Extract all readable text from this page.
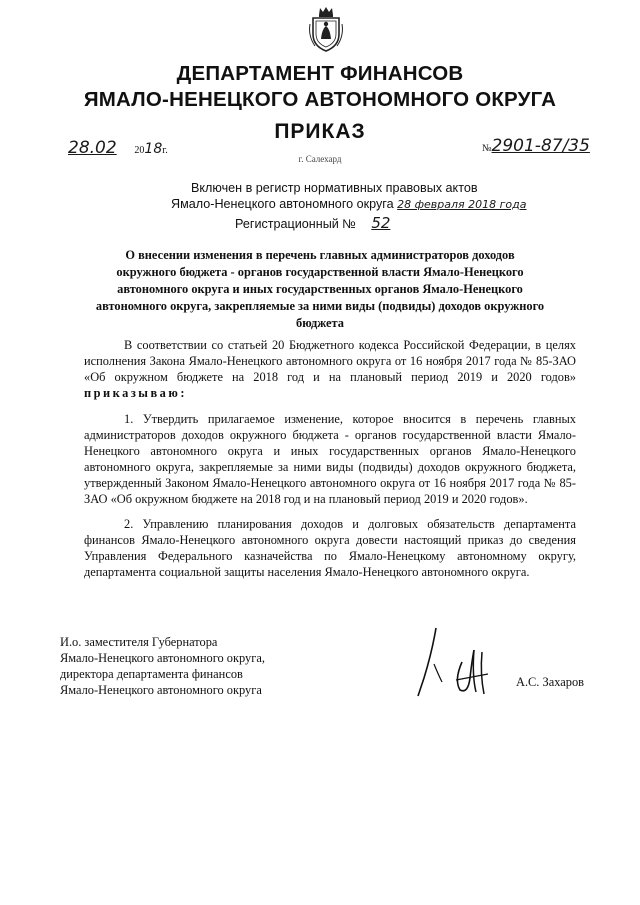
ДЕПАРТАМЕНТ ФИНАНСОВ
ЯМАЛО-НЕНЕЦКОГО АВТОНОМНОГО ОКРУГА
ПРИКАЗ
28.02 2018г.	№2901-87/35
г. Салехард
Включен в регистр нормативных правовых актов
Ямало-Ненецкого автономного округа 28 февраля 2018 года
Регистрационный № 52
О внесении изменения в перечень главных администраторов доходов окружного бюджета - органов государственной власти Ямало-Ненецкого автономного округа и иных государственных органов Ямало-Ненецкого автономного округа, закрепляемые за ними виды (подвиды) доходов окружного бюджета
В соответствии со статьей 20 Бюджетного кодекса Российской Федерации, в целях исполнения Закона Ямало-Ненецкого автономного округа от 16 ноября 2017 года № 85-ЗАО «Об окружном бюджете на 2018 год и на плановый период 2019 и 2020 годов» приказываю:
1. Утвердить прилагаемое изменение, которое вносится в перечень главных администраторов доходов окружного бюджета - органов государственной власти Ямало-Ненецкого автономного округа и иных государственных органов Ямало-Ненецкого автономного округа, закрепляемые за ними виды (подвиды) доходов окружного бюджета, утвержденный Законом Ямало-Ненецкого автономного округа от 16 ноября 2017 года № 85-ЗАО «Об окружном бюджете на 2018 год и на плановый период 2019 и 2020 годов».
2. Управлению планирования доходов и долговых обязательств департамента финансов Ямало-Ненецкого автономного округа довести настоящий приказ до сведения Управления Федерального казначейства по Ямало-Ненецкому автономному округу, департамента социальной защиты населения Ямало-Ненецкого автономного округа.
И.о. заместителя Губернатора
Ямало-Ненецкого автономного округа,
директора департамента финансов
Ямало-Ненецкого автономного округа
А.С. Захаров
